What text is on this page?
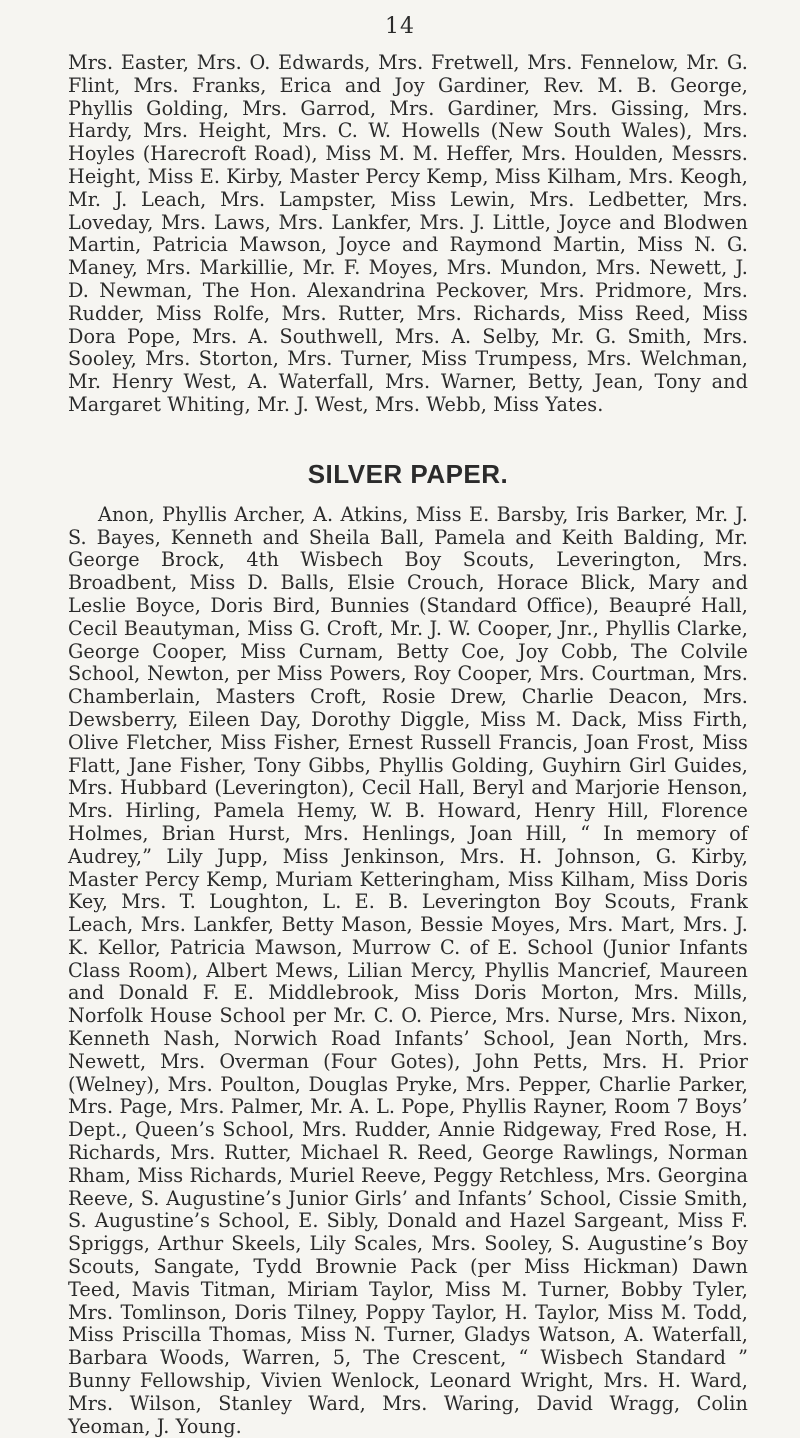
14

Mrs. Easter, Mrs. O. Edwards, Mrs. Fretwell, Mrs. Fennelow, Mr. G. Flint, Mrs. Franks, Erica and Joy Gardiner, Rev. M. B. George, Phyllis Golding, Mrs. Garrod, Mrs. Gardiner, Mrs. Gissing, Mrs. Hardy, Mrs. Height, Mrs. C. W. Howells (New South Wales), Mrs. Hoyles (Harecroft Road), Miss M. M. Heffer, Mrs. Houlden, Messrs. Height, Miss E. Kirby, Master Percy Kemp, Miss Kilham, Mrs. Keogh, Mr. J. Leach, Mrs. Lampster, Miss Lewin, Mrs. Ledbetter, Mrs. Loveday, Mrs. Laws, Mrs. Lankfer, Mrs. J. Little, Joyce and Blodwen Martin, Patricia Mawson, Joyce and Raymond Martin, Miss N. G. Maney, Mrs. Markillie, Mr. F. Moyes, Mrs. Mundon, Mrs. Newett, J. D. Newman, The Hon. Alexandrina Peckover, Mrs. Pridmore, Mrs. Rudder, Miss Rolfe, Mrs. Rutter, Mrs. Richards, Miss Reed, Miss Dora Pope, Mrs. A. Southwell, Mrs. A. Selby, Mr. G. Smith, Mrs. Sooley, Mrs. Storton, Mrs. Turner, Miss Trumpess, Mrs. Welchman, Mr. Henry West, A. Waterfall, Mrs. Warner, Betty, Jean, Tony and Margaret Whiting, Mr. J. West, Mrs. Webb, Miss Yates.

SILVER PAPER.

Anon, Phyllis Archer, A. Atkins, Miss E. Barsby, Iris Barker, Mr. J. S. Bayes, Kenneth and Sheila Ball, Pamela and Keith Balding, Mr. George Brock, 4th Wisbech Boy Scouts, Leverington, Mrs. Broadbent, Miss D. Balls, Elsie Crouch, Horace Blick, Mary and Leslie Boyce, Doris Bird, Bunnies (Standard Office), Beaupré Hall, Cecil Beautyman, Miss G. Croft, Mr. J. W. Cooper, Jnr., Phyllis Clarke, George Cooper, Miss Curnam, Betty Coe, Joy Cobb, The Colvile School, Newton, per Miss Powers, Roy Cooper, Mrs. Courtman, Mrs. Chamberlain, Masters Croft, Rosie Drew, Charlie Deacon, Mrs. Dewsberry, Eileen Day, Dorothy Diggle, Miss M. Dack, Miss Firth, Olive Fletcher, Miss Fisher, Ernest Russell Francis, Joan Frost, Miss Flatt, Jane Fisher, Tony Gibbs, Phyllis Golding, Guyhirn Girl Guides, Mrs. Hubbard (Leverington), Cecil Hall, Beryl and Marjorie Henson, Mrs. Hirling, Pamela Hemy, W. B. Howard, Henry Hill, Florence Holmes, Brian Hurst, Mrs. Henlings, Joan Hill, “ In memory of Audrey,” Lily Jupp, Miss Jenkinson, Mrs. H. Johnson, G. Kirby, Master Percy Kemp, Muriam Ketteringham, Miss Kilham, Miss Doris Key, Mrs. T. Loughton, L. E. B. Leverington Boy Scouts, Frank Leach, Mrs. Lankfer, Betty Mason, Bessie Moyes, Mrs. Mart, Mrs. J. K. Kellor, Patricia Mawson, Murrow C. of E. School (Junior Infants Class Room), Albert Mews, Lilian Mercy, Phyllis Mancrief, Maureen and Donald F. E. Middlebrook, Miss Doris Morton, Mrs. Mills, Norfolk House School per Mr. C. O. Pierce, Mrs. Nurse, Mrs. Nixon, Kenneth Nash, Norwich Road Infants’ School, Jean North, Mrs. Newett, Mrs. Overman (Four Gotes), John Petts, Mrs. H. Prior (Welney), Mrs. Poulton, Douglas Pryke, Mrs. Pepper, Charlie Parker, Mrs. Page, Mrs. Palmer, Mr. A. L. Pope, Phyllis Rayner, Room 7 Boys’ Dept., Queen’s School, Mrs. Rudder, Annie Ridgeway, Fred Rose, H. Richards, Mrs. Rutter, Michael R. Reed, George Rawlings, Norman Rham, Miss Richards, Muriel Reeve, Peggy Retchless, Mrs. Georgina Reeve, S. Augustine’s Junior Girls’ and Infants’ School, Cissie Smith, S. Augustine’s School, E. Sibly, Donald and Hazel Sargeant, Miss F. Spriggs, Arthur Skeels, Lily Scales, Mrs. Sooley, S. Augustine’s Boy Scouts, Sangate, Tydd Brownie Pack (per Miss Hickman) Dawn Teed, Mavis Titman, Miriam Taylor, Miss M. Turner, Bobby Tyler, Mrs. Tomlinson, Doris Tilney, Poppy Taylor, H. Taylor, Miss M. Todd, Miss Priscilla Thomas, Miss N. Turner, Gladys Watson, A. Waterfall, Barbara Woods, Warren, 5, The Crescent, “ Wisbech Standard ” Bunny Fellowship, Vivien Wenlock, Leonard Wright, Mrs. H. Ward, Mrs. Wilson, Stanley Ward, Mrs. Waring, David Wragg, Colin Yeoman, J. Young.
